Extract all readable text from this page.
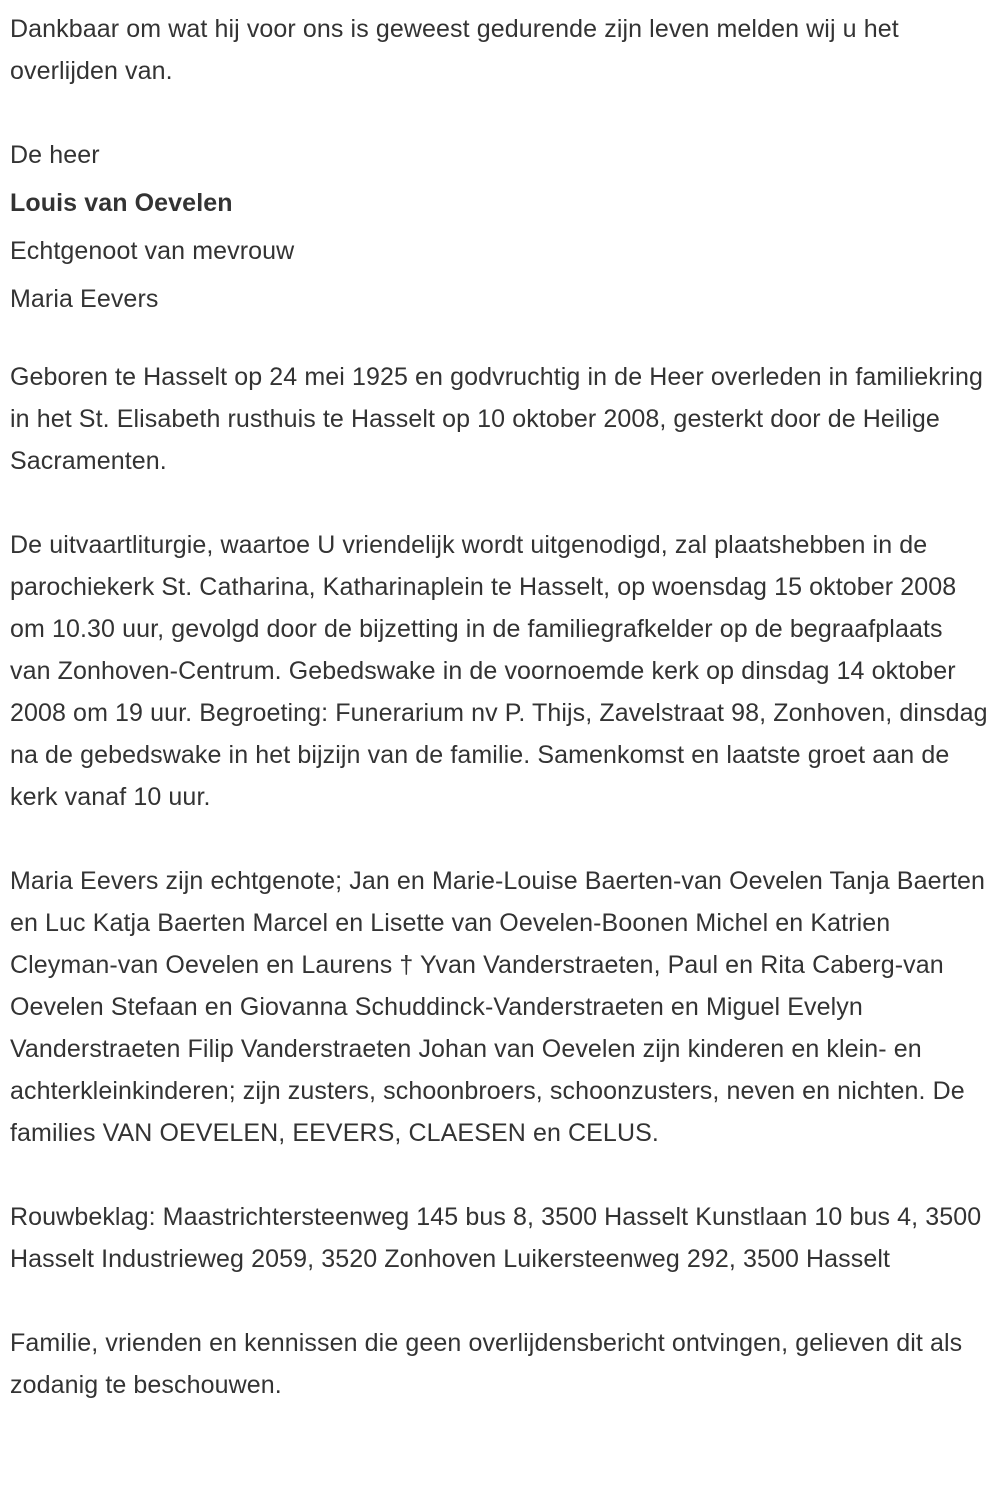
Dankbaar om wat hij voor ons is geweest gedurende zijn leven melden wij u het overlijden van.

De heer

Louis van Oevelen

Echtgenoot van mevrouw

Maria Eevers

Geboren te Hasselt op 24 mei 1925 en godvruchtig in de Heer overleden in familiekring in het St. Elisabeth rusthuis te Hasselt op 10 oktober 2008, gesterkt door de Heilige Sacramenten.

De uitvaartliturgie, waartoe U vriendelijk wordt uitgenodigd, zal plaatshebben in de parochiekerk St. Catharina, Katharinaplein te Hasselt, op woensdag 15 oktober 2008 om 10.30 uur, gevolgd door de bijzetting in de familiegrafkelder op de begraafplaats van Zonhoven-Centrum. Gebedswake in de voornoemde kerk op dinsdag 14 oktober 2008 om 19 uur. Begroeting: Funerarium nv P. Thijs, Zavelstraat 98, Zonhoven, dinsdag na de gebedswake in het bijzijn van de familie. Samenkomst en laatste groet aan de kerk vanaf 10 uur.

Maria Eevers zijn echtgenote; Jan en Marie-Louise Baerten-van Oevelen Tanja Baerten en Luc Katja Baerten Marcel en Lisette van Oevelen-Boonen Michel en Katrien Cleyman-van Oevelen en Laurens † Yvan Vanderstraeten, Paul en Rita Caberg-van Oevelen Stefaan en Giovanna Schuddinck-Vanderstraeten en Miguel Evelyn Vanderstraeten Filip Vanderstraeten Johan van Oevelen zijn kinderen en klein- en achterkleinkinderen; zijn zusters, schoonbroers, schoonzusters, neven en nichten. De families VAN OEVELEN, EEVERS, CLAESEN en CELUS.

Rouwbeklag: Maastrichtersteenweg 145 bus 8, 3500 Hasselt Kunstlaan 10 bus 4, 3500 Hasselt Industrieweg 2059, 3520 Zonhoven Luikersteenweg 292, 3500 Hasselt

Familie, vrienden en kennissen die geen overlijdensbericht ontvingen, gelieven dit als zodanig te beschouwen.
